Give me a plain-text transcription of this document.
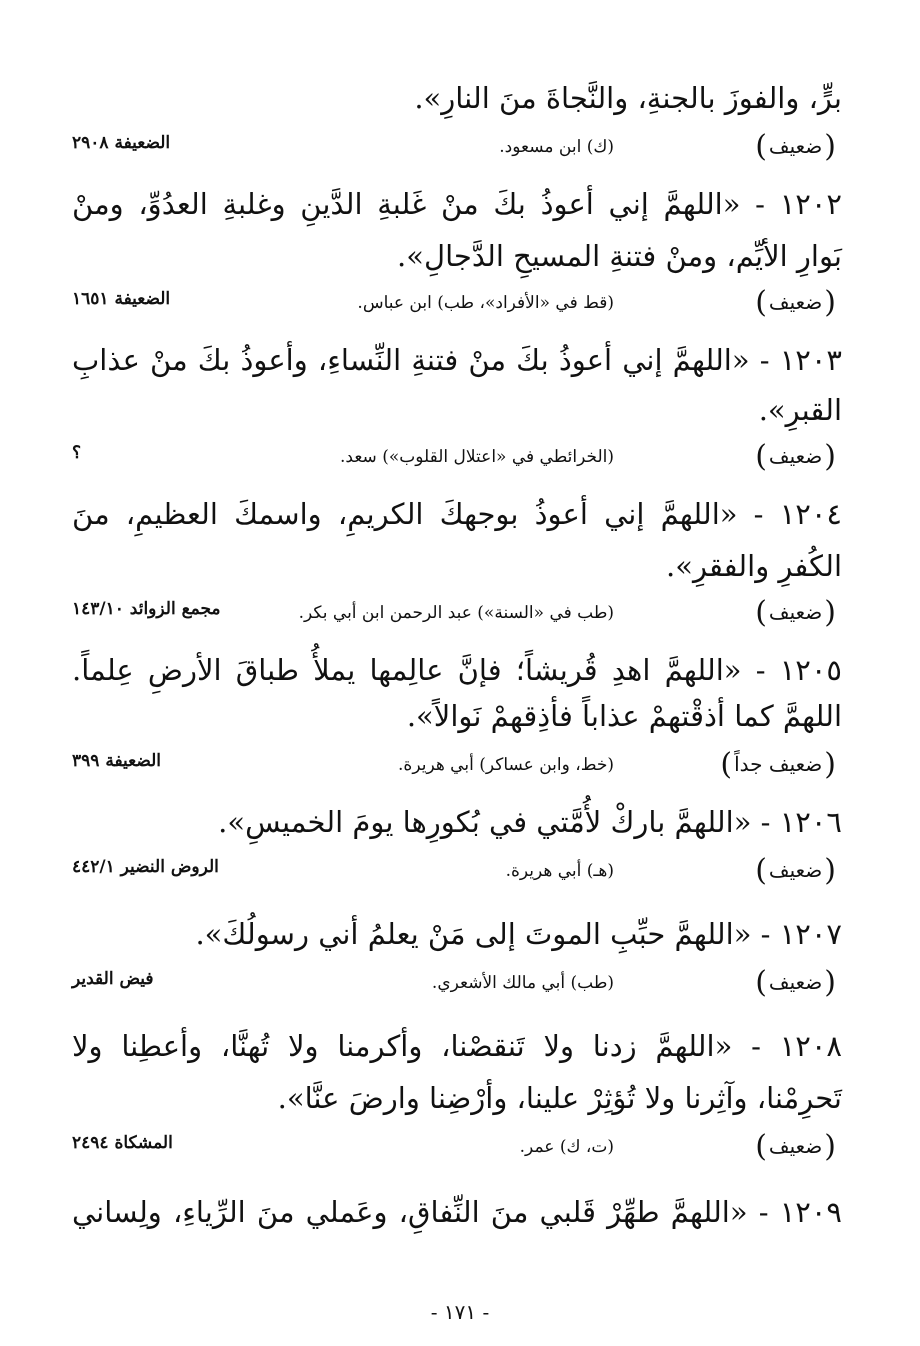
برٍّ، والفوزَ بالجنةِ، والنَّجاةَ منَ النارِ».
( ضعيف )
(ك) ابن مسعود.
الضعيفة ٢٩٠٨
١٢٠٢ - «اللهمَّ إني أعوذُ بكَ منْ غَلبةِ الدَّينِ وغلبةِ العدُوِّ، ومنْ
بَوارِ الأيِّم، ومنْ فتنةِ المسيحِ الدَّجالِ».
( ضعيف )
(قط في «الأفراد»، طب) ابن عباس.
الضعيفة ١٦٥١
١٢٠٣ - «اللهمَّ إني أعوذُ بكَ منْ فتنةِ النِّساءِ، وأعوذُ بكَ منْ عذابِ
القبرِ».
( ضعيف )
(الخرائطي في «اعتلال القلوب») سعد.
؟
١٢٠٤ - «اللهمَّ إني أعوذُ بوجهكَ الكريمِ، واسمكَ العظيمِ، منَ
الكُفرِ والفقرِ».
( ضعيف )
(طب في «السنة») عبد الرحمن ابن أبي بكر.
مجمع الزوائد ١٤٣/١٠
١٢٠٥ - «اللهمَّ اهدِ قُريشاً؛ فإنَّ عالِمها يملأُ طباقَ الأرضِ عِلماً.
اللهمَّ كما أذقْتهمْ عذاباً فأذِقهمْ نَوالاً».
( ضعيف جداً )
(خط، وابن عساكر) أبي هريرة.
الضعيفة ٣٩٩
١٢٠٦ - «اللهمَّ باركْ لأُمَّتي في بُكورِها يومَ الخميسِ».
( ضعيف )
(هـ) أبي هريرة.
الروض النضير ٤٤٢/١
١٢٠٧ - «اللهمَّ حبِّبِ الموتَ إلى مَنْ يعلمُ أني رسولُكَ».
( ضعيف )
(طب) أبي مالك الأشعري.
فيض القدير
١٢٠٨ - «اللهمَّ زدنا ولا تَنقصْنا، وأكرمنا ولا تُهنَّا، وأعطِنا ولا
تَحرِمْنا، وآثِرنا ولا تُؤثِرْ علينا، وأرْضِنا وارضَ عنَّا».
( ضعيف )
(ت، ك) عمر.
المشكاة ٢٤٩٤
١٢٠٩ - «اللهمَّ طهِّرْ قَلبي منَ النِّفاقِ، وعَملي منَ الرِّياءِ، ولِساني
- ١٧١ -
